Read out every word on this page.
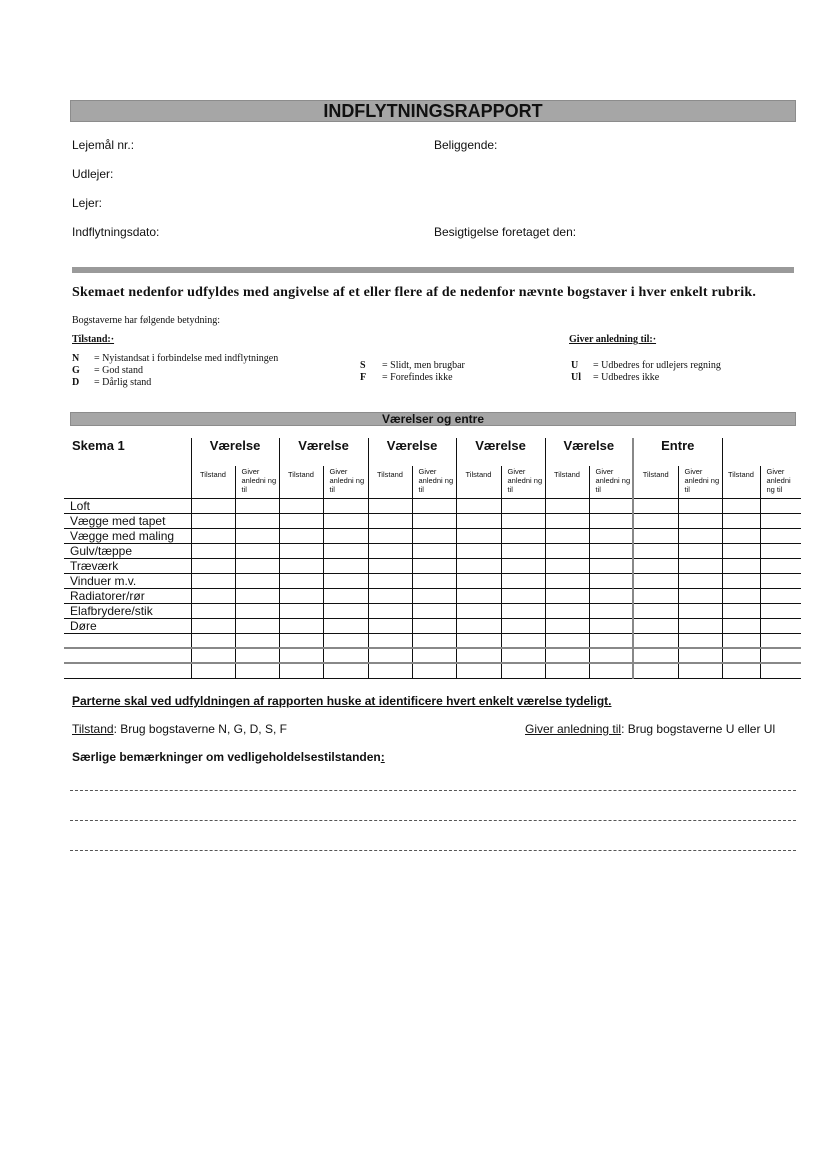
INDFLYTNINGSRAPPORT
Lejemål nr.:	Beliggende:
Udlejer:
Lejer:
Indflytningsdato:	Besigtigelse foretaget den:
Skemaet nedenfor udfyldes med angivelse af et eller flere af de nedenfor nævnte bogstaver i hver enkelt rubrik.
Bogstaverne har følgende betydning:
Tilstand:·	Giver anledning til:·
N = Nyistandsat i forbindelse med indflytningen
G = God stand
D = Dårlig stand
S = Slidt, men brugbar
F = Forefindes ikke
U = Udbedres for udlejers regning
Ul = Udbedres ikke
Værelser og entre
Skema 1	Værelse		Værelse		Værelse		Værelse		Værelse		Entre			
	Tilstand	Giver anledni ng til	Tilstand	Giver anledni ng til	Tilstand	Giver anledni ng til	Tilstand	Giver anledni ng til	Tilstand	Giver anledni ng til	Tilstand	Giver anledni ng til	Tilstand	Giver anledni ng til
Loft														
Vægge med tapet														
Vægge med maling														
Gulv/tæppe														
Træværk														
Vinduer m.v.														
Radiatorer/rør														
Elafbrydere/stik														
Døre														

Parterne skal ved udfyldningen af rapporten huske at identificere hvert enkelt værelse tydeligt.
Tilstand: Brug bogstaverne N, G, D, S, F	Giver anledning til: Brug bogstaverne U eller Ul
Særlige bemærkninger om vedligeholdelsestilstanden:
